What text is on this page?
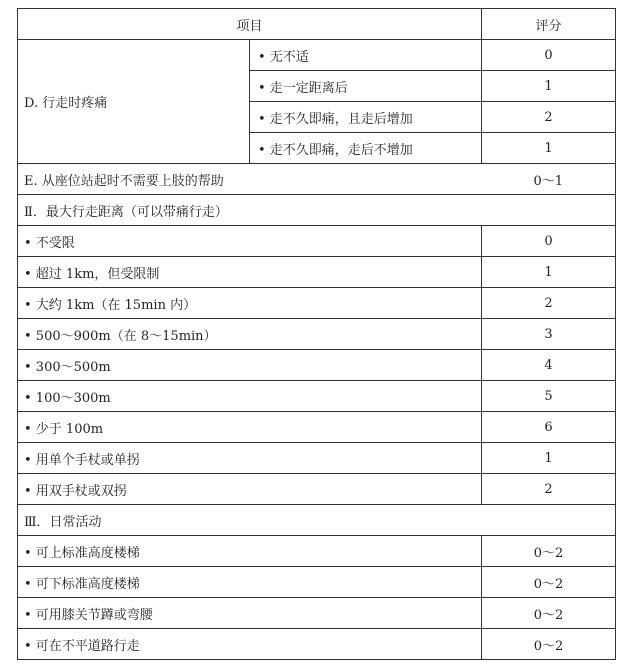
项目		评分
D. 行走时疼痛	• 无不适	0
	• 走一定距离后	1
	• 走不久即痛，且走后增加	2
	• 走不久即痛，走后不增加	1
E. 从座位站起时不需要上肢的帮助		0～1
Ⅱ．最大行走距离（可以带痛行走）		
• 不受限		0
• 超过 1km，但受限制		1
• 大约 1km（在 15min 内）		2
• 500～900m（在 8～15min）		3
• 300～500m		4
• 100～300m		5
• 少于 100m		6
• 用单个手杖或单拐		1
• 用双手杖或双拐		2
Ⅲ．日常活动		
• 可上标准高度楼梯		0～2
• 可下标准高度楼梯		0～2
• 可用膝关节蹲或弯腰		0～2
• 可在不平道路行走		0～2
